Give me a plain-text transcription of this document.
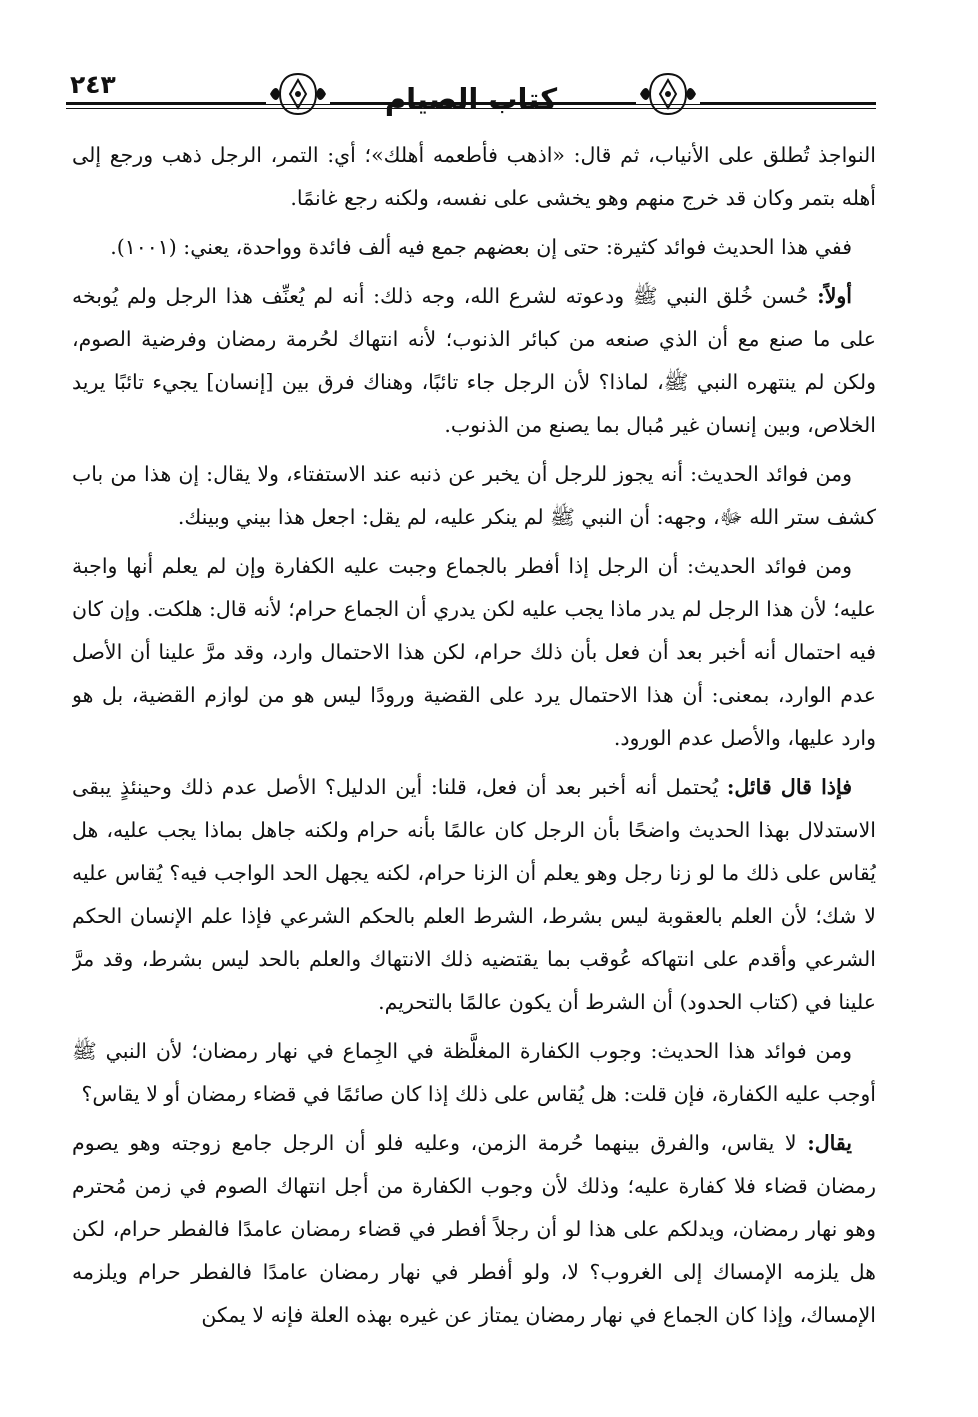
٢٤٣	كتاب الصيام

النواجذ تُطلق على الأنياب، ثم قال: «اذهب فأطعمه أهلك»؛ أي: التمر، الرجل ذهب ورجع إلى أهله بتمر وكان قد خرج منهم وهو يخشى على نفسه، ولكنه رجع غانمًا.

ففي هذا الحديث فوائد كثيرة: حتى إن بعضهم جمع فيه ألف فائدة وواحدة، يعني: (١٠٠١).

أولاً: حُسن خُلق النبي ﷺ ودعوته لشرع الله، وجه ذلك: أنه لم يُعنِّف هذا الرجل ولم يُوبخه على ما صنع مع أن الذي صنعه من كبائر الذنوب؛ لأنه انتهاك لحُرمة رمضان وفرضية الصوم، ولكن لم ينتهره النبي ﷺ، لماذا؟ لأن الرجل جاء تائبًا، وهناك فرق بين [إنسان] يجيء تائبًا يريد الخلاص، وبين إنسان غير مُبال بما يصنع من الذنوب.

ومن فوائد الحديث: أنه يجوز للرجل أن يخبر عن ذنبه عند الاستفتاء، ولا يقال: إن هذا من باب كشف ستر الله ﷻ، وجهه: أن النبي ﷺ لم ينكر عليه، لم يقل: اجعل هذا بيني وبينك.

ومن فوائد الحديث: أن الرجل إذا أفطر بالجماع وجبت عليه الكفارة وإن لم يعلم أنها واجبة عليه؛ لأن هذا الرجل لم يدر ماذا يجب عليه لكن يدري أن الجماع حرام؛ لأنه قال: هلكت. وإن كان فيه احتمال أنه أخبر بعد أن فعل بأن ذلك حرام، لكن هذا الاحتمال وارد، وقد مرَّ علينا أن الأصل عدم الوارد، بمعنى: أن هذا الاحتمال يرد على القضية ورودًا ليس هو من لوازم القضية، بل هو وارد عليها، والأصل عدم الورود.

فإذا قال قائل: يُحتمل أنه أخبر بعد أن فعل، قلنا: أين الدليل؟ الأصل عدم ذلك وحينئذٍ يبقى الاستدلال بهذا الحديث واضحًا بأن الرجل كان عالمًا بأنه حرام ولكنه جاهل بماذا يجب عليه، هل يُقاس على ذلك ما لو زنا رجل وهو يعلم أن الزنا حرام، لكنه يجهل الحد الواجب فيه؟ يُقاس عليه لا شك؛ لأن العلم بالعقوبة ليس بشرط، الشرط العلم بالحكم الشرعي فإذا علم الإنسان الحكم الشرعي وأقدم على انتهاكه عُوقب بما يقتضيه ذلك الانتهاك والعلم بالحد ليس بشرط، وقد مرَّ علينا في (كتاب الحدود) أن الشرط أن يكون عالمًا بالتحريم.

ومن فوائد هذا الحديث: وجوب الكفارة المغلَّظة في الجِماع في نهار رمضان؛ لأن النبي ﷺ أوجب عليه الكفارة، فإن قلت: هل يُقاس على ذلك إذا كان صائمًا في قضاء رمضان أو لا يقاس؟

يقال: لا يقاس، والفرق بينهما حُرمة الزمن، وعليه فلو أن الرجل جامع زوجته وهو يصوم رمضان قضاء فلا كفارة عليه؛ وذلك لأن وجوب الكفارة من أجل انتهاك الصوم في زمن مُحترم وهو نهار رمضان، ويدلكم على هذا لو أن رجلاً أفطر في قضاء رمضان عامدًا فالفطر حرام، لكن هل يلزمه الإمساك إلى الغروب؟ لا، ولو أفطر في نهار رمضان عامدًا فالفطر حرام ويلزمه الإمساك، وإذا كان الجماع في نهار رمضان يمتاز عن غيره بهذه العلة فإنه لا يمكن
